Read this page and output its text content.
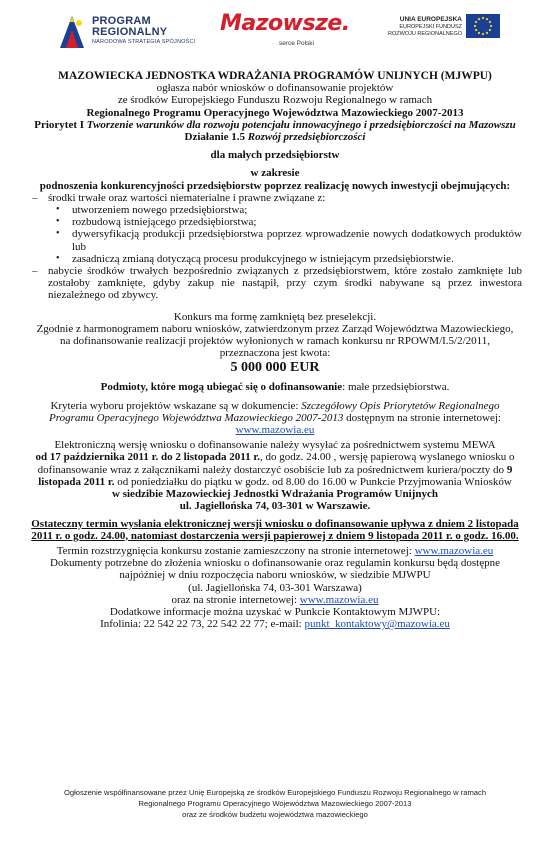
PROGRAM
REGIONALNY
NARODOWA STRATEGIA SPÓJNOŚCI
Mazowsze.
serce Polski
UNIA EUROPEJSKA
EUROPEJSKI FUNDUSZ
ROZWOJU REGIONALNEGO

MAZOWIECKA JEDNOSTKA WDRAŻANIA PROGRAMÓW UNIJNYCH (MJWPU)

ogłasza nabór wniosków o dofinansowanie projektów

ze środków Europejskiego Funduszu Rozwoju Regionalnego w ramach

Regionalnego Programu Operacyjnego Województwa Mazowieckiego 2007-2013

Priorytet I Tworzenie warunków dla rozwoju potencjału innowacyjnego i przedsiębiorczości na Mazowszu

Działanie 1.5 Rozwój przedsiębiorczości

dla małych przedsiębiorstw

w zakresie

podnoszenia konkurencyjności przedsiębiorstw poprzez realizację nowych inwestycji obejmujących:

– środki trwałe oraz wartości niematerialne i prawne związane z:
• utworzeniem nowego przedsiębiorstwa;
• rozbudową istniejącego przedsiębiorstwa;
• dywersyfikacją produkcji przedsiębiorstwa poprzez wprowadzenie nowych dodatkowych produktów lub
• zasadniczą zmianą dotyczącą procesu produkcyjnego w istniejącym przedsiębiorstwie.
– nabycie środków trwałych bezpośrednio związanych z przedsiębiorstwem, które zostało zamknięte lub zostałoby zamknięte, gdyby zakup nie nastąpił, przy czym środki nabywane są przez inwestora niezależnego od zbywcy.

Konkurs ma formę zamkniętą bez preselekcji.

Zgodnie z harmonogramem naboru wniosków, zatwierdzonym przez Zarząd Województwa Mazowieckiego,

na dofinansowanie realizacji projektów wyłonionych w ramach konkursu nr RPOWM/I.5/2/2011,

przeznaczona jest kwota:

5 000 000 EUR

Podmioty, które mogą ubiegać się o dofinansowanie: małe przedsiębiorstwa.

Kryteria wyboru projektów wskazane są w dokumencie: Szczegółowy Opis Priorytetów Regionalnego Programu Operacyjnego Województwa Mazowieckiego 2007-2013 dostępnym na stronie internetowej:

www.mazowia.eu

Elektroniczną wersję wniosku o dofinansowanie należy wysyłać za pośrednictwem systemu MEWA
od 17 października 2011 r. do 2 listopada 2011 r., do godz. 24.00 , wersję papierową wyslanego wniosku o dofinansowanie wraz z załącznikami należy dostarczyć osobiście lub za pośrednictwem kuriera/poczty do 9 listopada 2011 r. od poniedziałku do piątku w godz. od 8.00 do 16.00 w Punkcie Przyjmowania Wniosków

w siedzibie Mazowieckiej Jednostki Wdrażania Programów Unijnych

ul. Jagiellońska 74, 03-301 w Warszawie.

Ostateczny termin wysłania elektronicznej wersji wniosku o dofinansowanie upływa z dniem 2 listopada 2011 r. o godz. 24.00, natomiast dostarczenia wersji papierowej z dniem 9 listopada 2011 r. o godz. 16.00.

Termin rozstrzygnięcia konkursu zostanie zamieszczony na stronie internetowej: www.mazowia.eu

Dokumenty potrzebne do złożenia wniosku o dofinansowanie oraz regulamin konkursu będą dostępne najpóźniej w dniu rozpoczęcia naboru wniosków, w siedzibie MJWPU

(ul. Jagiellońska 74, 03-301 Warszawa)

oraz na stronie internetowej: www.mazowia.eu

Dodatkowe informacje można uzyskać w Punkcie Kontaktowym MJWPU:

Infolinia: 22 542 22 73, 22 542 22 77; e-mail: punkt_kontaktowy@mazowia.eu

Ogłoszenie współfinansowane przez Unię Europejską ze środków Europejskiego Funduszu Rozwoju Regionalnego w ramach
Regionalnego Programu Operacyjnego Województwa Mazowieckiego 2007-2013
oraz ze środków budżetu województwa mazowieckiego
